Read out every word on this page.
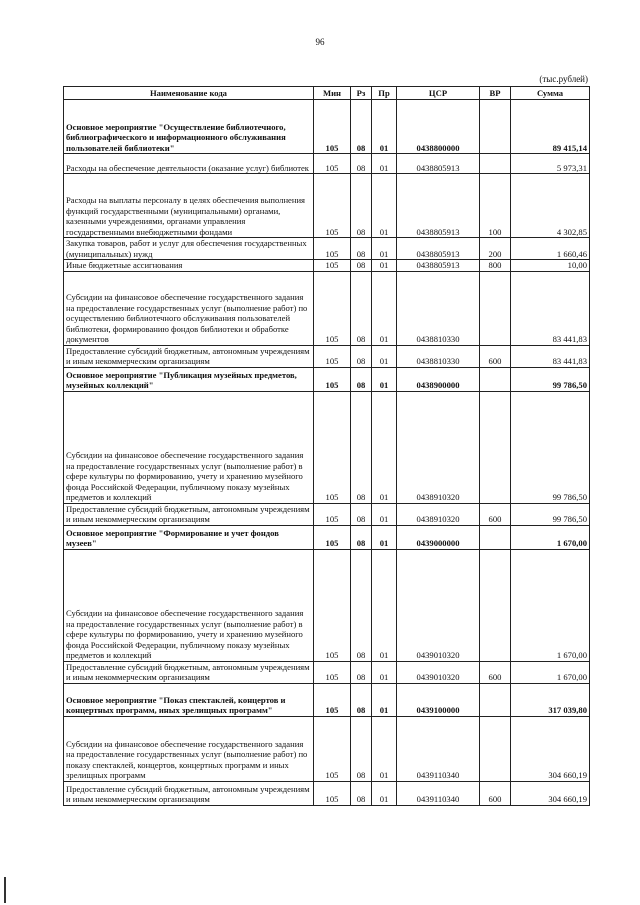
96
(тыс.рублей)
Наименование кода	Мин	Рз	Пр	ЦСР	ВР	Сумма
Основное мероприятие "Осуществление библиотечного, библиографического и информационного обслуживания пользователей библиотеки"	105	08	01	0438800000		89 415,14
Расходы на обеспечение деятельности (оказание услуг) библиотек	105	08	01	0438805913		5 973,31
Расходы на выплаты персоналу в целях обеспечения выполнения функций государственными (муниципальными) органами, казенными учреждениями, органами управления государственными внебюджетными фондами	105	08	01	0438805913	100	4 302,85
Закупка товаров, работ и услуг для обеспечения государственных (муниципальных) нужд	105	08	01	0438805913	200	1 660,46
Иные бюджетные ассигнования	105	08	01	0438805913	800	10,00
Субсидии на финансовое обеспечение государственного задания на предоставление государственных услуг (выполнение работ) по осуществлению библиотечного обслуживания пользователей библиотеки, формированию фондов библиотеки и обработке документов	105	08	01	0438810330		83 441,83
Предоставление субсидий бюджетным, автономным учреждениям и иным некоммерческим организациям	105	08	01	0438810330	600	83 441,83
Основное мероприятие "Публикация музейных предметов, музейных коллекций"	105	08	01	0438900000		99 786,50
Субсидии на финансовое обеспечение государственного задания на предоставление государственных услуг (выполнение работ) в сфере культуры по формированию, учету и хранению музейного фонда Российской Федерации, публичному показу музейных предметов и коллекций	105	08	01	0438910320		99 786,50
Предоставление субсидий бюджетным, автономным учреждениям и иным некоммерческим организациям	105	08	01	0438910320	600	99 786,50
Основное мероприятие "Формирование и учет фондов музеев"	105	08	01	0439000000		1 670,00
Субсидии на финансовое обеспечение государственного задания на предоставление государственных услуг (выполнение работ) в сфере культуры по формированию, учету и хранению музейного фонда Российской Федерации, публичному показу музейных предметов и коллекций	105	08	01	0439010320		1 670,00
Предоставление субсидий бюджетным, автономным учреждениям и иным некоммерческим организациям	105	08	01	0439010320	600	1 670,00
Основное мероприятие "Показ спектаклей, концертов и концертных программ, иных зрелищных программ"	105	08	01	0439100000		317 039,80
Субсидии на финансовое обеспечение государственного задания на предоставление государственных услуг (выполнение работ) по показу спектаклей, концертов, концертных программ и иных зрелищных программ	105	08	01	0439110340		304 660,19
Предоставление субсидий бюджетным, автономным учреждениям и иным некоммерческим организациям	105	08	01	0439110340	600	304 660,19
